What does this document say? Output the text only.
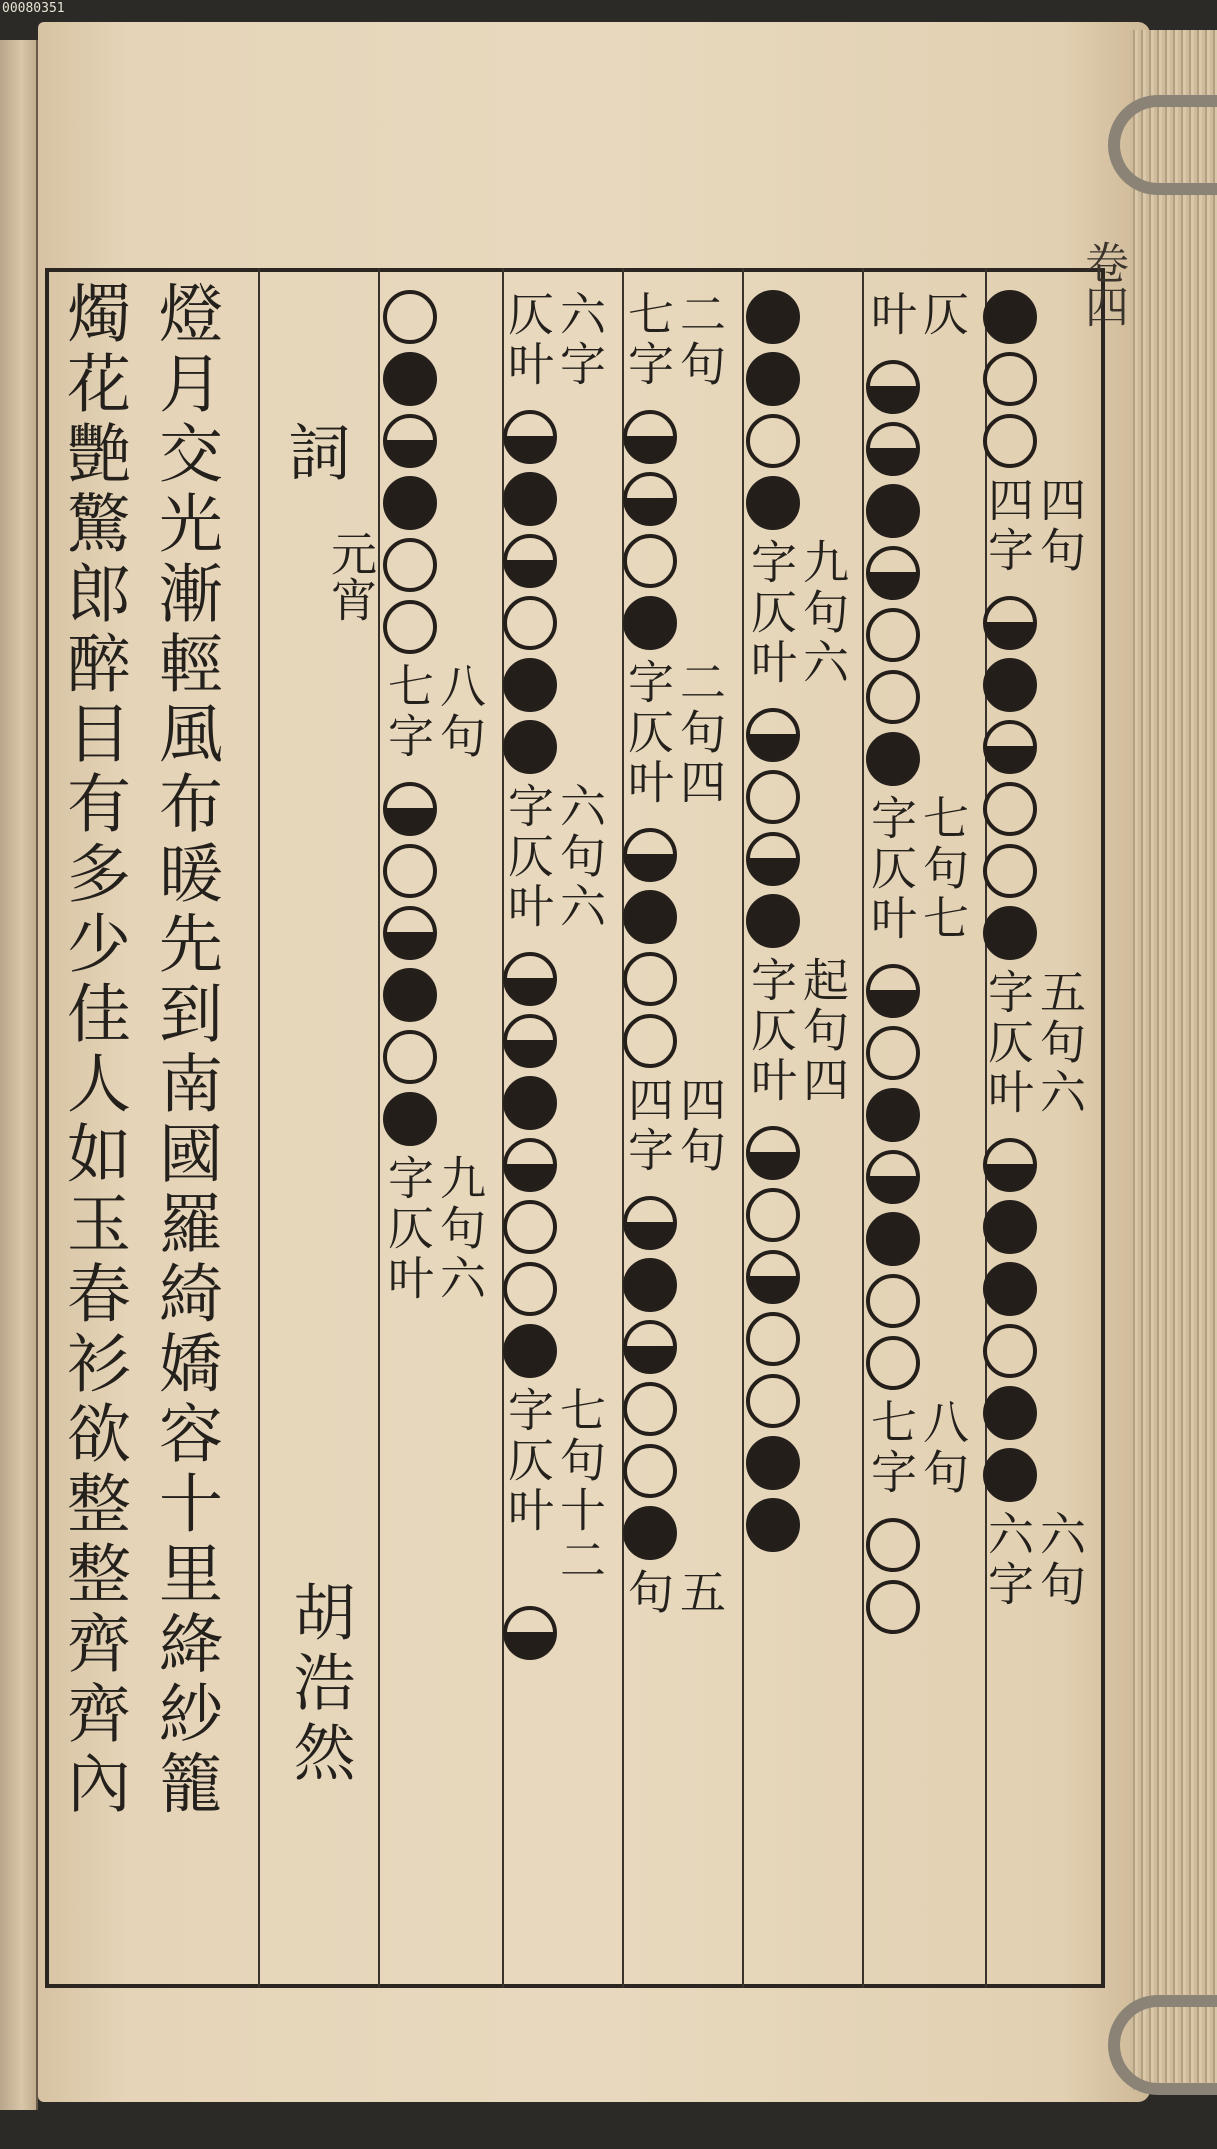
00080351
卷四
燈月交光漸輕風布暖先到南國羅綺嬌容十里絳紗籠
燭花艷驚郎醉目有多少佳人如玉春衫欲整整齊齊內 詞
元宵
胡浩然
四句
四字
五句六
字仄叶
六句
六字
仄
叶
七句七
字仄叶
八句
七字
九句六
字仄叶
起句四
字仄叶
二句
七字
二句四
字仄叶
四句
四字
五
句
六字
仄叶
六句六
字仄叶
七句十二
字仄叶
八句
七字
九句六
字仄叶
